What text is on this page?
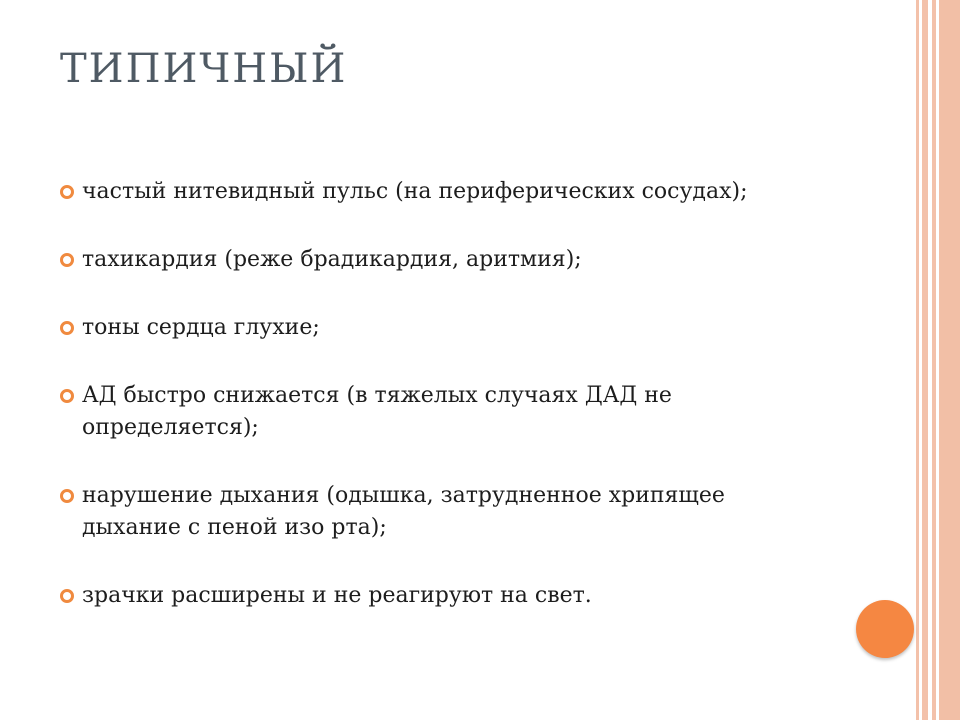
ТИПИЧНЫЙ
частый нитевидный пульс (на периферических сосудах);
тахикардия (реже брадикардия, аритмия);
тоны сердца глухие;
АД быстро снижается (в тяжелых случаях ДАД не определяется);
нарушение дыхания (одышка, затрудненное хрипящее дыхание с пеной изо рта);
зрачки расширены и не реагируют на свет.
